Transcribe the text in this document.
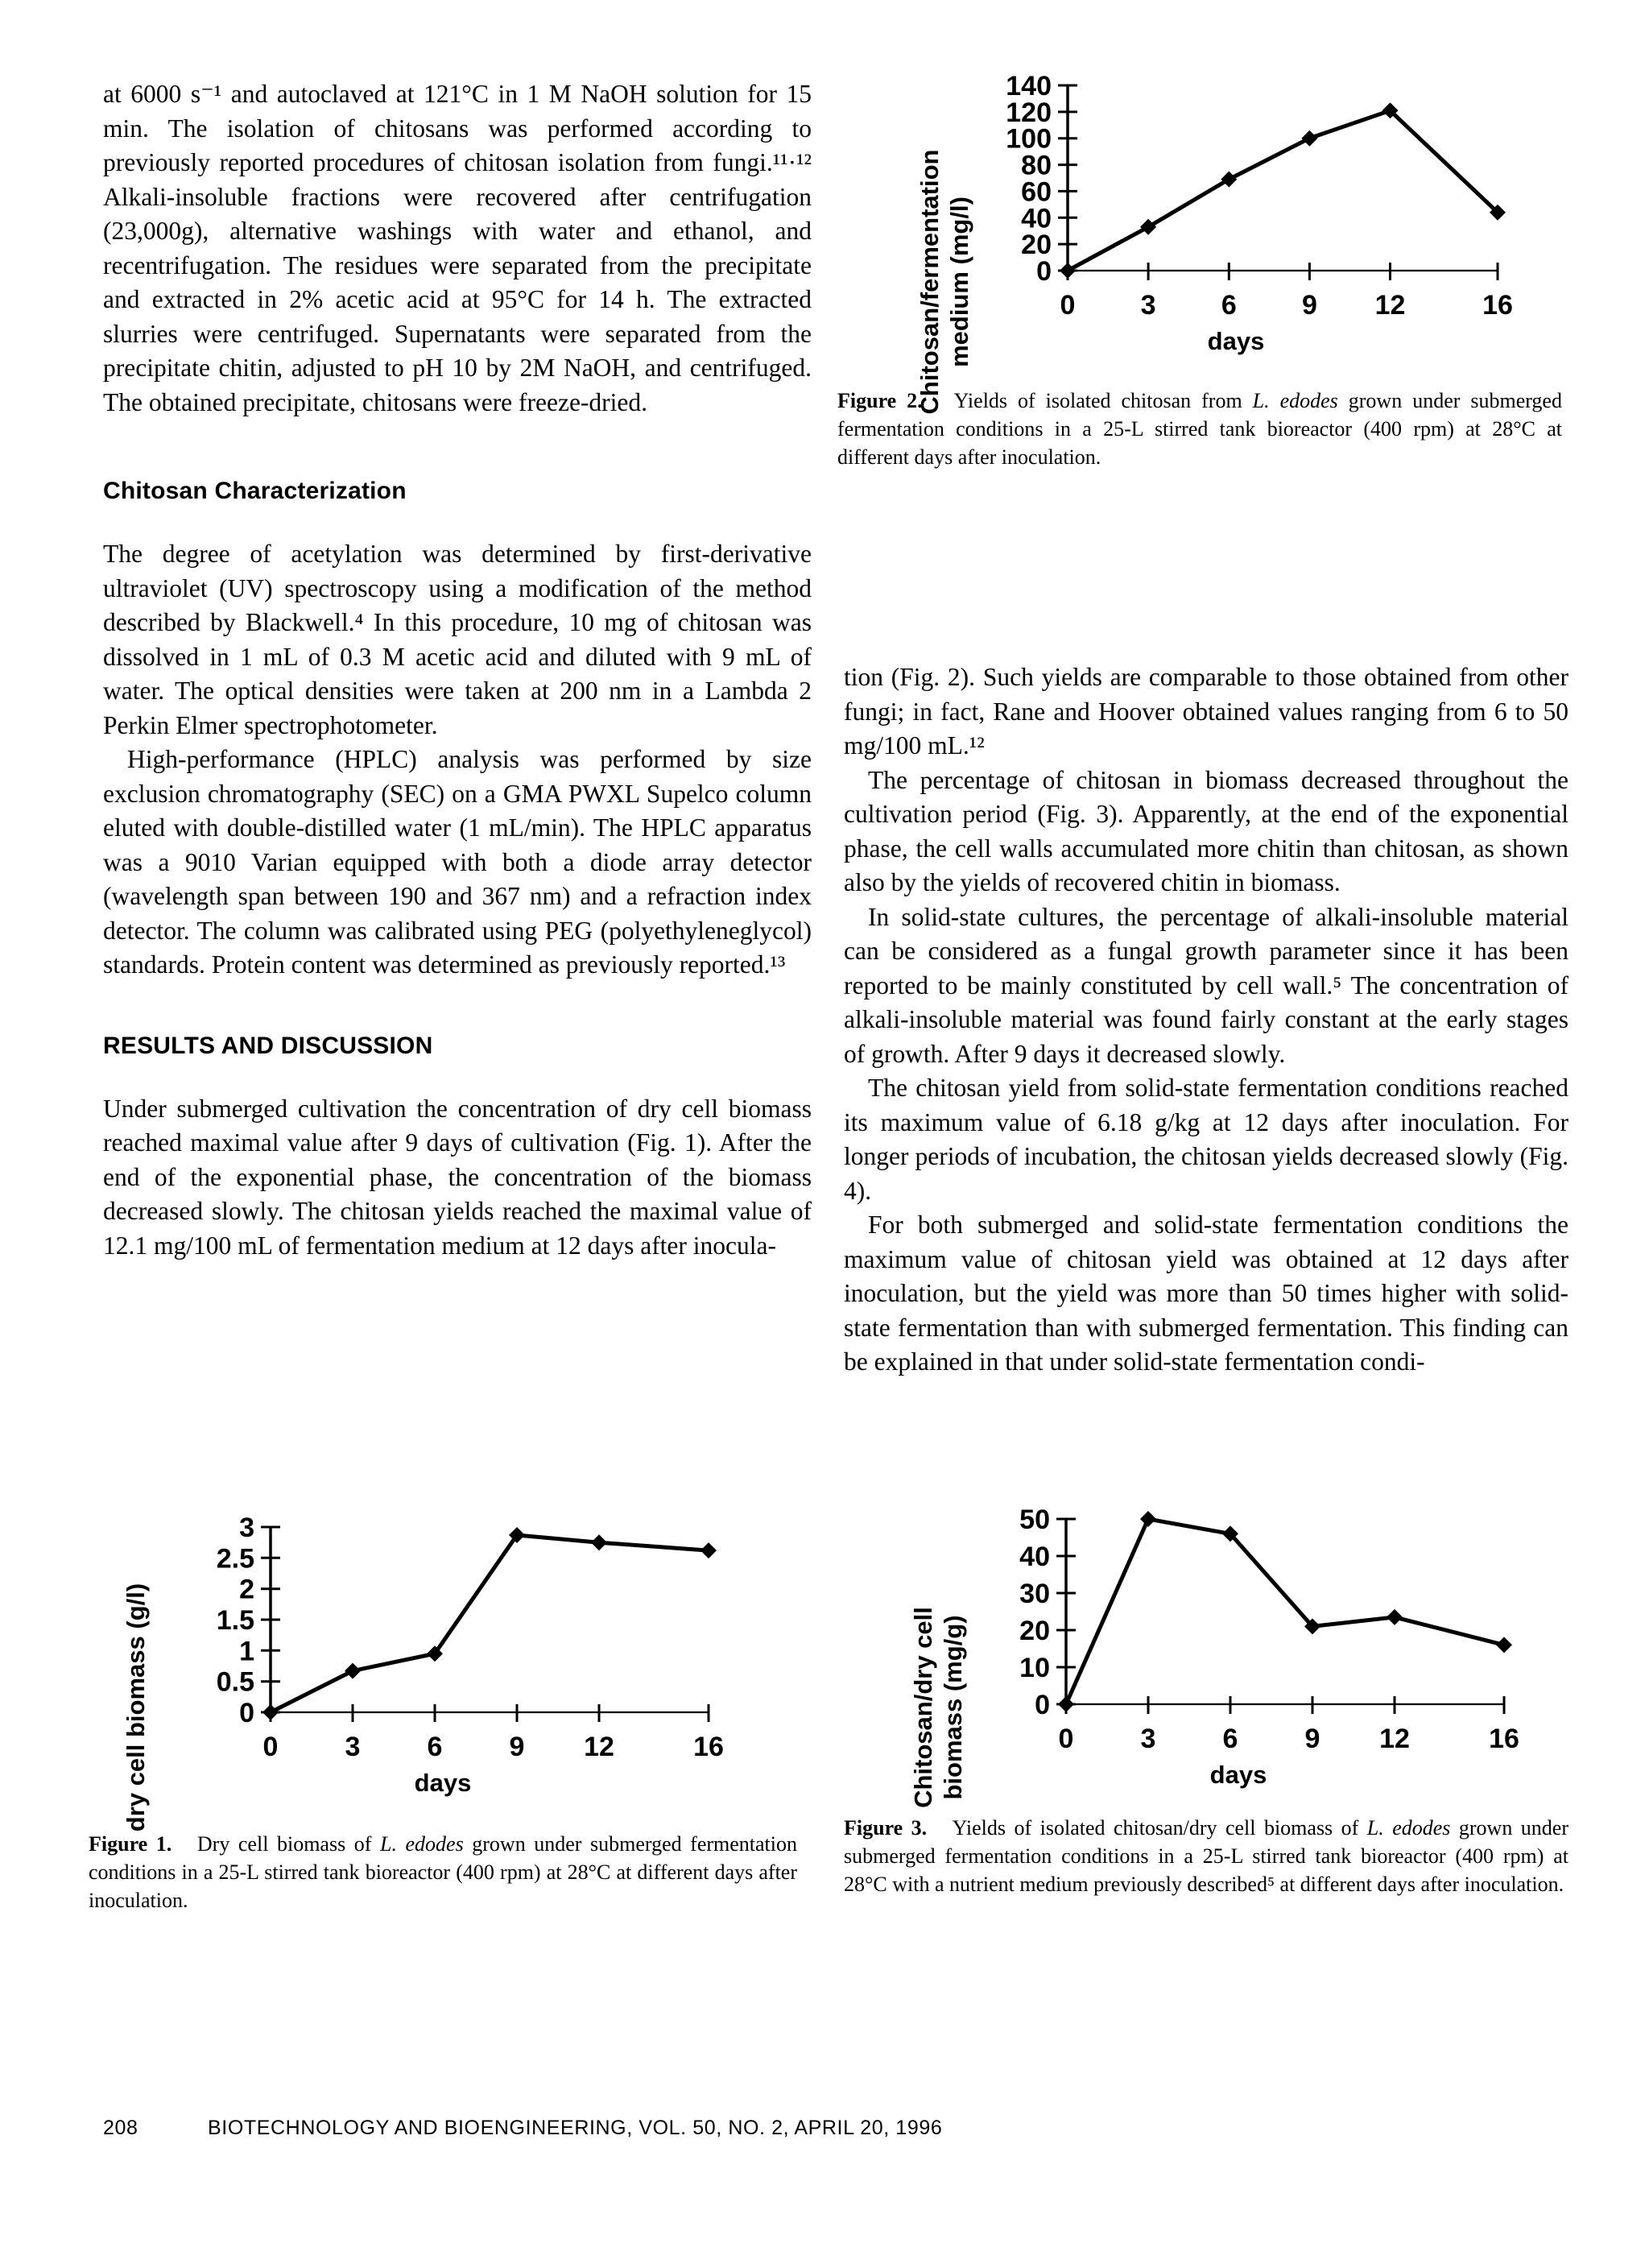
at 6000 s⁻¹ and autoclaved at 121°C in 1 M NaOH solution for 15 min. The isolation of chitosans was performed according to previously reported procedures of chitosan isolation from fungi.¹¹·¹² Alkali-insoluble fractions were recovered after centrifugation (23,000g), alternative washings with water and ethanol, and recentrifugation. The residues were separated from the precipitate and extracted in 2% acetic acid at 95°C for 14 h. The extracted slurries were centrifuged. Supernatants were separated from the precipitate chitin, adjusted to pH 10 by 2M NaOH, and centrifuged. The obtained precipitate, chitosans were freeze-dried.

Chitosan Characterization

The degree of acetylation was determined by first-derivative ultraviolet (UV) spectroscopy using a modification of the method described by Blackwell.⁴ In this procedure, 10 mg of chitosan was dissolved in 1 mL of 0.3 M acetic acid and diluted with 9 mL of water. The optical densities were taken at 200 nm in a Lambda 2 Perkin Elmer spectrophotometer.

High-performance (HPLC) analysis was performed by size exclusion chromatography (SEC) on a GMA PWXL Supelco column eluted with double-distilled water (1 mL/min). The HPLC apparatus was a 9010 Varian equipped with both a diode array detector (wavelength span between 190 and 367 nm) and a refraction index detector. The column was calibrated using PEG (polyethyleneglycol) standards. Protein content was determined as previously reported.¹³

RESULTS AND DISCUSSION

Under submerged cultivation the concentration of dry cell biomass reached maximal value after 9 days of cultivation (Fig. 1). After the end of the exponential phase, the concentration of the biomass decreased slowly. The chitosan yields reached the maximal value of 12.1 mg/100 mL of fermentation medium at 12 days after inocula-

tion (Fig. 2). Such yields are comparable to those obtained from other fungi; in fact, Rane and Hoover obtained values ranging from 6 to 50 mg/100 mL.¹²

The percentage of chitosan in biomass decreased throughout the cultivation period (Fig. 3). Apparently, at the end of the exponential phase, the cell walls accumulated more chitin than chitosan, as shown also by the yields of recovered chitin in biomass.

In solid-state cultures, the percentage of alkali-insoluble material can be considered as a fungal growth parameter since it has been reported to be mainly constituted by cell wall.⁵ The concentration of alkali-insoluble material was found fairly constant at the early stages of growth. After 9 days it decreased slowly.

The chitosan yield from solid-state fermentation conditions reached its maximum value of 6.18 g/kg at 12 days after inoculation. For longer periods of incubation, the chitosan yields decreased slowly (Fig. 4).

For both submerged and solid-state fermentation conditions the maximum value of chitosan yield was obtained at 12 days after inoculation, but the yield was more than 50 times higher with solid-state fermentation than with submerged fermentation. This finding can be explained in that under solid-state fermentation condi-

Chitosan/fermentation
medium (mg/l) 0
20
40
60
80
100
120
140
0 3 6 9 12	16
days

Figure 2. Yields of isolated chitosan from L. edodes grown under submerged fermentation conditions in a 25-L stirred tank bioreactor (400 rpm) at 28°C at different days after inoculation.

dry cell biomass (g/l)	0
0.5
1
1.5
2
2.5
3
0 3 6 9 12	16
days

Figure 1. Dry cell biomass of L. edodes grown under submerged fermentation conditions in a 25-L stirred tank bioreactor (400 rpm) at 28°C at different days after inoculation.

Chitosan/dry cell
biomass (mg/g) 0
10
20
30
40
50
0 3 6 9 12	16
days

Figure 3. Yields of isolated chitosan/dry cell biomass of L. edodes grown under submerged fermentation conditions in a 25-L stirred tank bioreactor (400 rpm) at 28°C with a nutrient medium previously described⁵ at different days after inoculation.

208	BIOTECHNOLOGY AND BIOENGINEERING, VOL. 50, NO. 2, APRIL 20, 1996
